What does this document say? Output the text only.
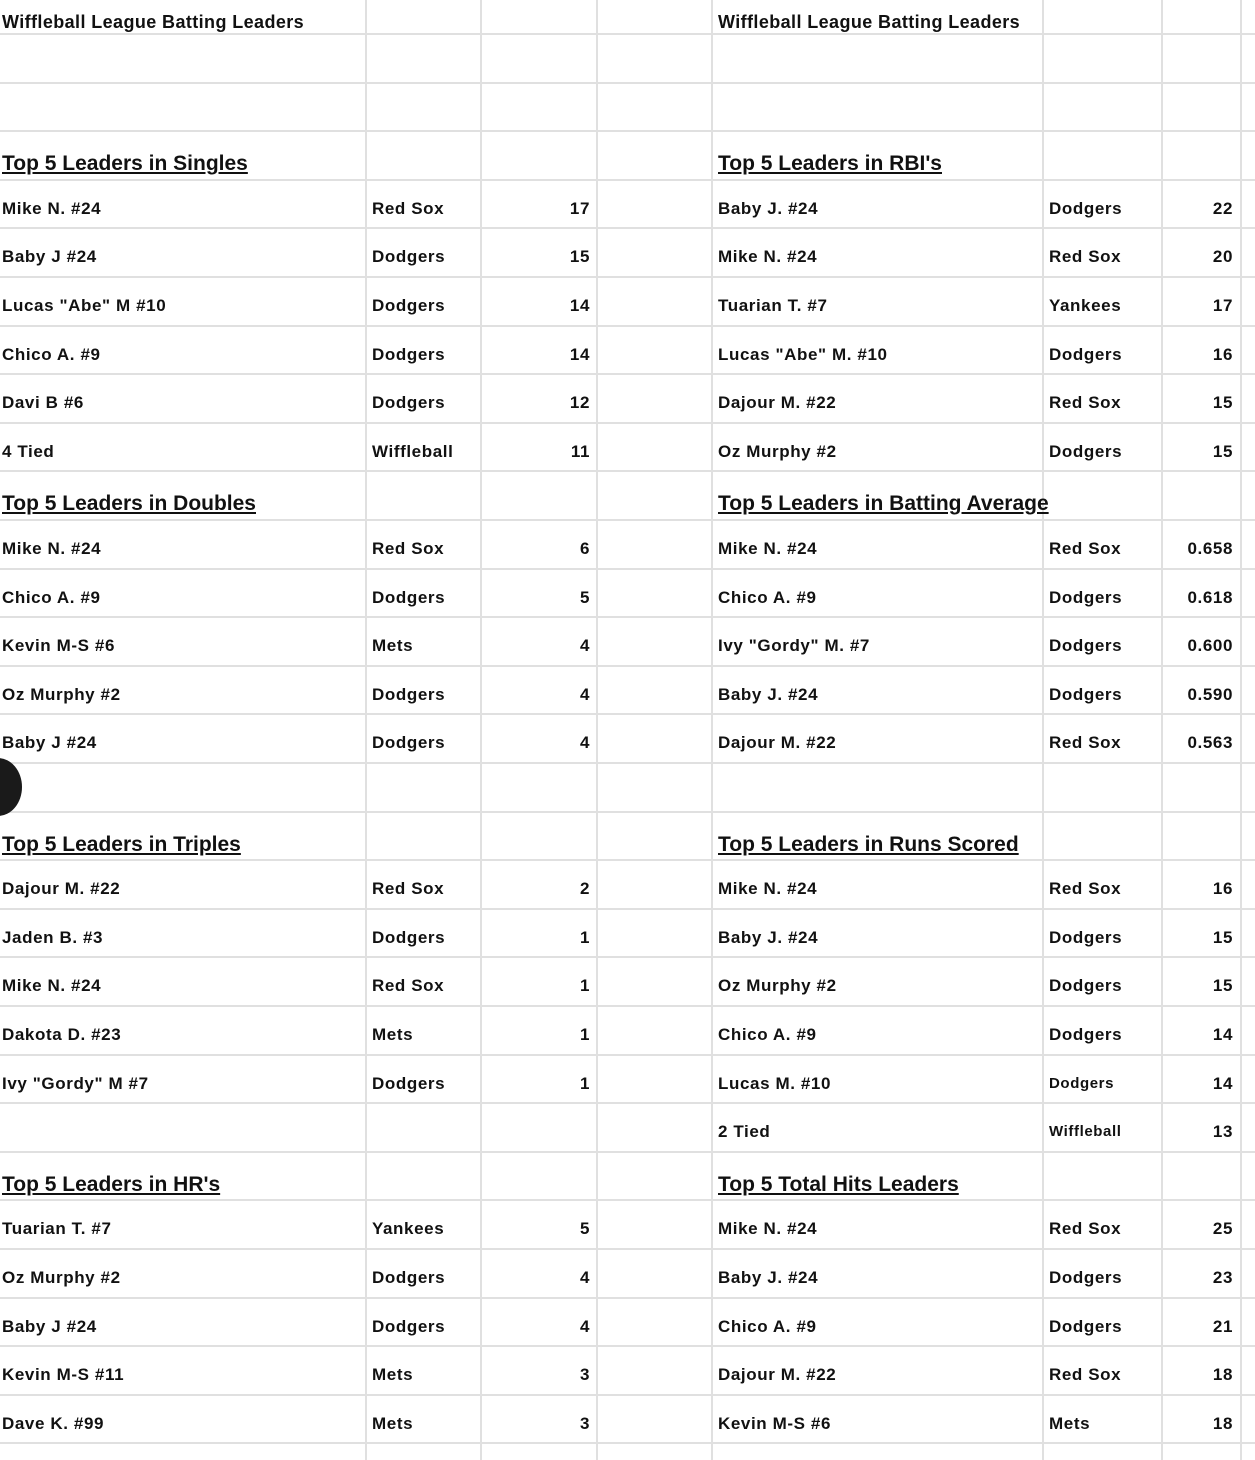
Wiffleball League Batting Leaders	Wiffleball League Batting Leaders
Top 5 Leaders in Singles
Mike N. #24	Red Sox	17
Baby J #24	Dodgers	15
Lucas "Abe" M #10	Dodgers	14
Chico A. #9	Dodgers	14
Davi B #6	Dodgers	12
4 Tied	Wiffleball	11
Top 5 Leaders in Doubles
Mike N. #24	Red Sox	6
Chico A. #9	Dodgers	5
Kevin M-S #6	Mets	4
Oz Murphy #2	Dodgers	4
Baby J #24	Dodgers	4
Top 5 Leaders in Triples
Dajour M. #22	Red Sox	2
Jaden B. #3	Dodgers	1
Mike N. #24	Red Sox	1
Dakota D. #23	Mets	1
Ivy "Gordy" M #7	Dodgers	1
Top 5 Leaders in HR's
Tuarian T. #7	Yankees	5
Oz Murphy #2	Dodgers	4
Baby J #24	Dodgers	4
Kevin M-S #11	Mets	3
Dave K. #99	Mets	3
Top 5 Leaders in RBI's
Baby J. #24	Dodgers	22
Mike N. #24	Red Sox	20
Tuarian T. #7	Yankees	17
Lucas "Abe" M. #10	Dodgers	16
Dajour M. #22	Red Sox	15
Oz Murphy #2	Dodgers	15
Top 5 Leaders in Batting Average
Mike N. #24	Red Sox	0.658
Chico A. #9	Dodgers	0.618
Ivy "Gordy" M. #7	Dodgers	0.600
Baby J. #24	Dodgers	0.590
Dajour M. #22	Red Sox	0.563
Top 5 Leaders in Runs Scored
Mike N. #24	Red Sox	16
Baby J. #24	Dodgers	15
Oz Murphy #2	Dodgers	15
Chico A. #9	Dodgers	14
Lucas M. #10	Dodgers	14
2 Tied	Wiffleball	13
Top 5 Total Hits Leaders
Mike N. #24	Red Sox	25
Baby J. #24	Dodgers	23
Chico A. #9	Dodgers	21
Dajour M. #22	Red Sox	18
Kevin M-S #6	Mets	18
